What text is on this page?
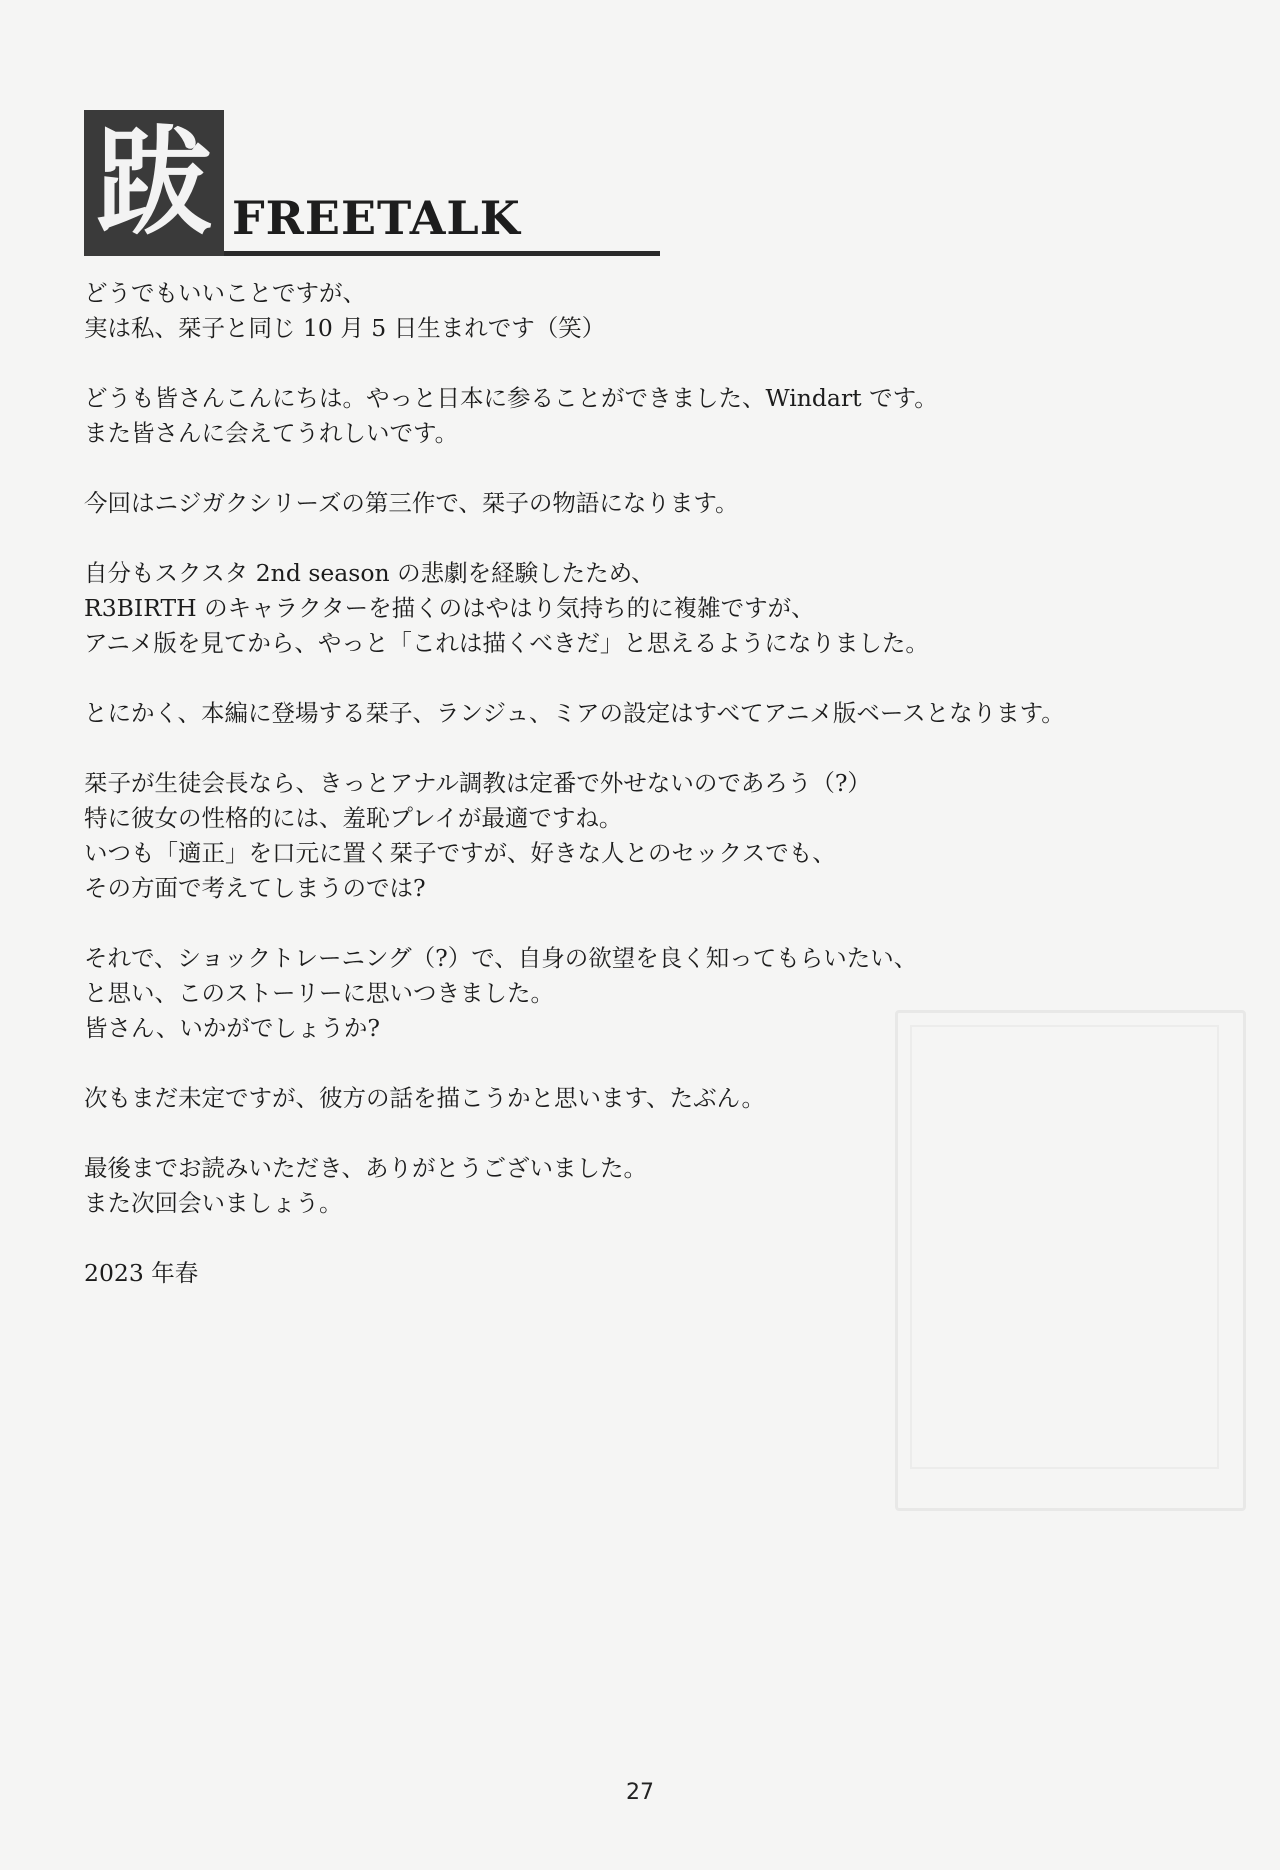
跋 FREETALK
どうでもいいことですが、
実は私、栞子と同じ 10 月 5 日生まれです（笑）
どうも皆さんこんにちは。やっと日本に参ることができました、Windart です。
また皆さんに会えてうれしいです。
今回はニジガクシリーズの第三作で、栞子の物語になります。
自分もスクスタ 2nd season の悲劇を経験したため、
R3BIRTH のキャラクターを描くのはやはり気持ち的に複雑ですが、
アニメ版を見てから、やっと「これは描くべきだ」と思えるようになりました。
とにかく、本編に登場する栞子、ランジュ、ミアの設定はすべてアニメ版ベースとなります。
栞子が生徒会長なら、きっとアナル調教は定番で外せないのであろう（?）
特に彼女の性格的には、羞恥プレイが最適ですね。
いつも「適正」を口元に置く栞子ですが、好きな人とのセックスでも、
その方面で考えてしまうのでは?
それで、ショックトレーニング（?）で、自身の欲望を良く知ってもらいたい、
と思い、このストーリーに思いつきました。
皆さん、いかがでしょうか?
次もまだ未定ですが、彼方の話を描こうかと思います、たぶん。
最後までお読みいただき、ありがとうございました。
また次回会いましょう。
2023 年春
27
